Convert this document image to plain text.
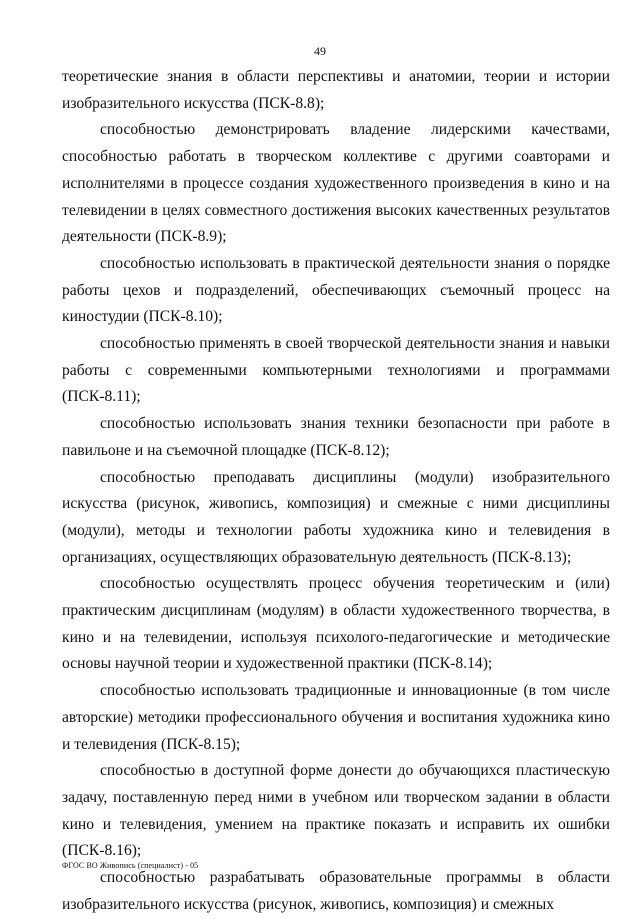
49

теоретические знания в области перспективы и анатомии, теории и истории изобразительного искусства (ПСК-8.8);

способностью демонстрировать владение лидерскими качествами, способностью работать в творческом коллективе с другими соавторами и исполнителями в процессе создания художественного произведения в кино и на телевидении в целях совместного достижения высоких качественных результатов деятельности (ПСК-8.9);

способностью использовать в практической деятельности знания о порядке работы цехов и подразделений, обеспечивающих съемочный процесс на киностудии (ПСК-8.10);

способностью применять в своей творческой деятельности знания и навыки работы с современными компьютерными технологиями и программами (ПСК-8.11);

способностью использовать знания техники безопасности при работе в павильоне и на съемочной площадке (ПСК-8.12);

способностью преподавать дисциплины (модули) изобразительного искусства (рисунок, живопись, композиция) и смежные с ними дисциплины (модули), методы и технологии работы художника кино и телевидения в организациях, осуществляющих образовательную деятельность (ПСК-8.13);

способностью осуществлять процесс обучения теоретическим и (или) практическим дисциплинам (модулям) в области художественного творчества, в кино и на телевидении, используя психолого-педагогические и методические основы научной теории и художественной практики (ПСК-8.14);

способностью использовать традиционные и инновационные (в том числе авторские) методики профессионального обучения и воспитания художника кино и телевидения (ПСК-8.15);

способностью в доступной форме донести до обучающихся пластическую задачу, поставленную перед ними в учебном или творческом задании в области кино и телевидения, умением на практике показать и исправить их ошибки (ПСК-8.16);

способностью разрабатывать образовательные программы в области изобразительного искусства (рисунок, живопись, композиция) и смежных

ФГОС ВО Живопись (специалист) - 05
